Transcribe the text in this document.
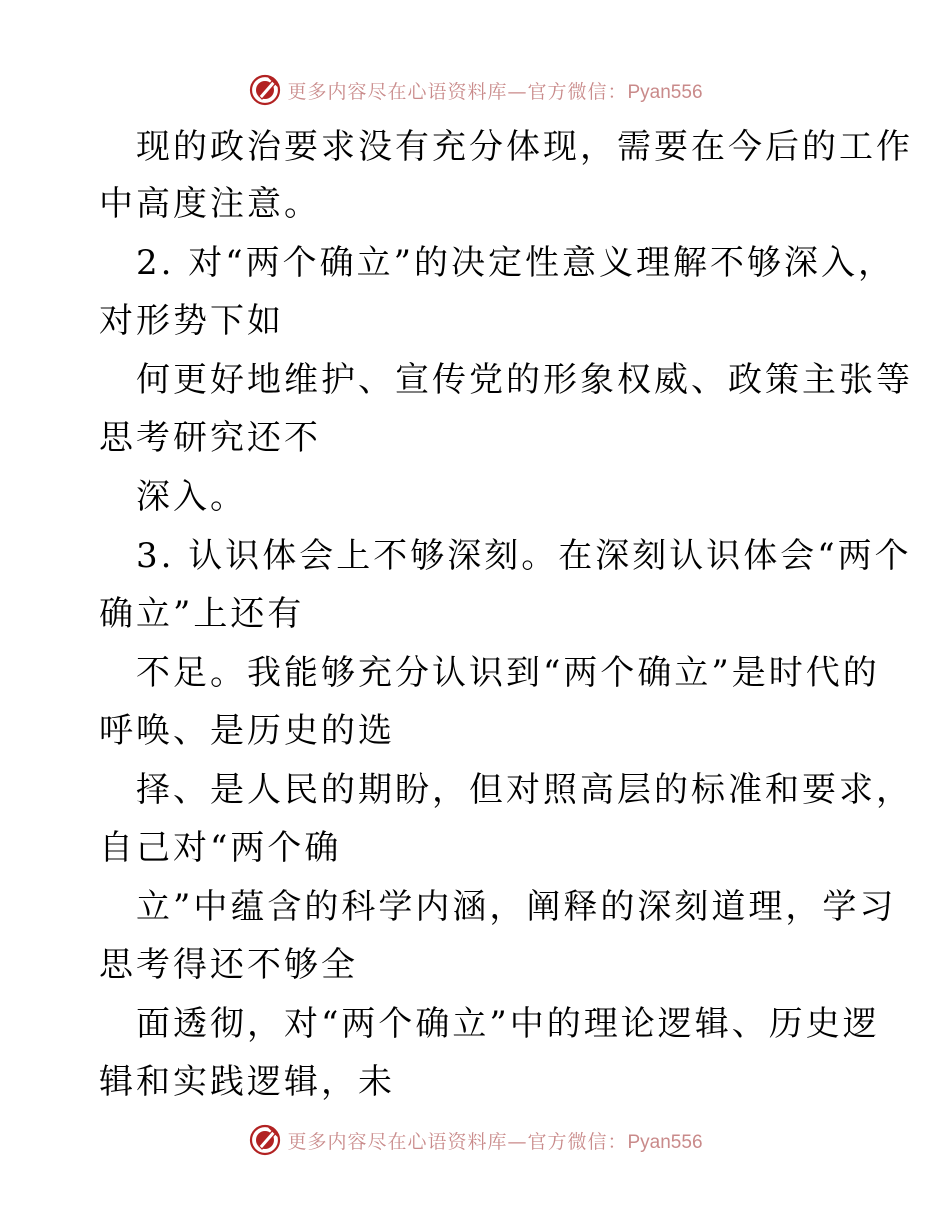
更多内容尽在心语资料库—官方微信：Pyan556
现的政治要求没有充分体现，需要在今后的工作
中高度注意。
2. 对“两个确立”的决定性意义理解不够深入，
对形势下如
何更好地维护、宣传党的形象权威、政策主张等
思考研究还不
深入。
3. 认识体会上不够深刻。在深刻认识体会“两个
确立”上还有
不足。我能够充分认识到“两个确立”是时代的
呼唤、是历史的选
择、是人民的期盼，但对照高层的标准和要求，
自己对“两个确
立”中蕴含的科学内涵，阐释的深刻道理，学习
思考得还不够全
面透彻，对“两个确立”中的理论逻辑、历史逻
辑和实践逻辑，未
更多内容尽在心语资料库—官方微信：Pyan556
